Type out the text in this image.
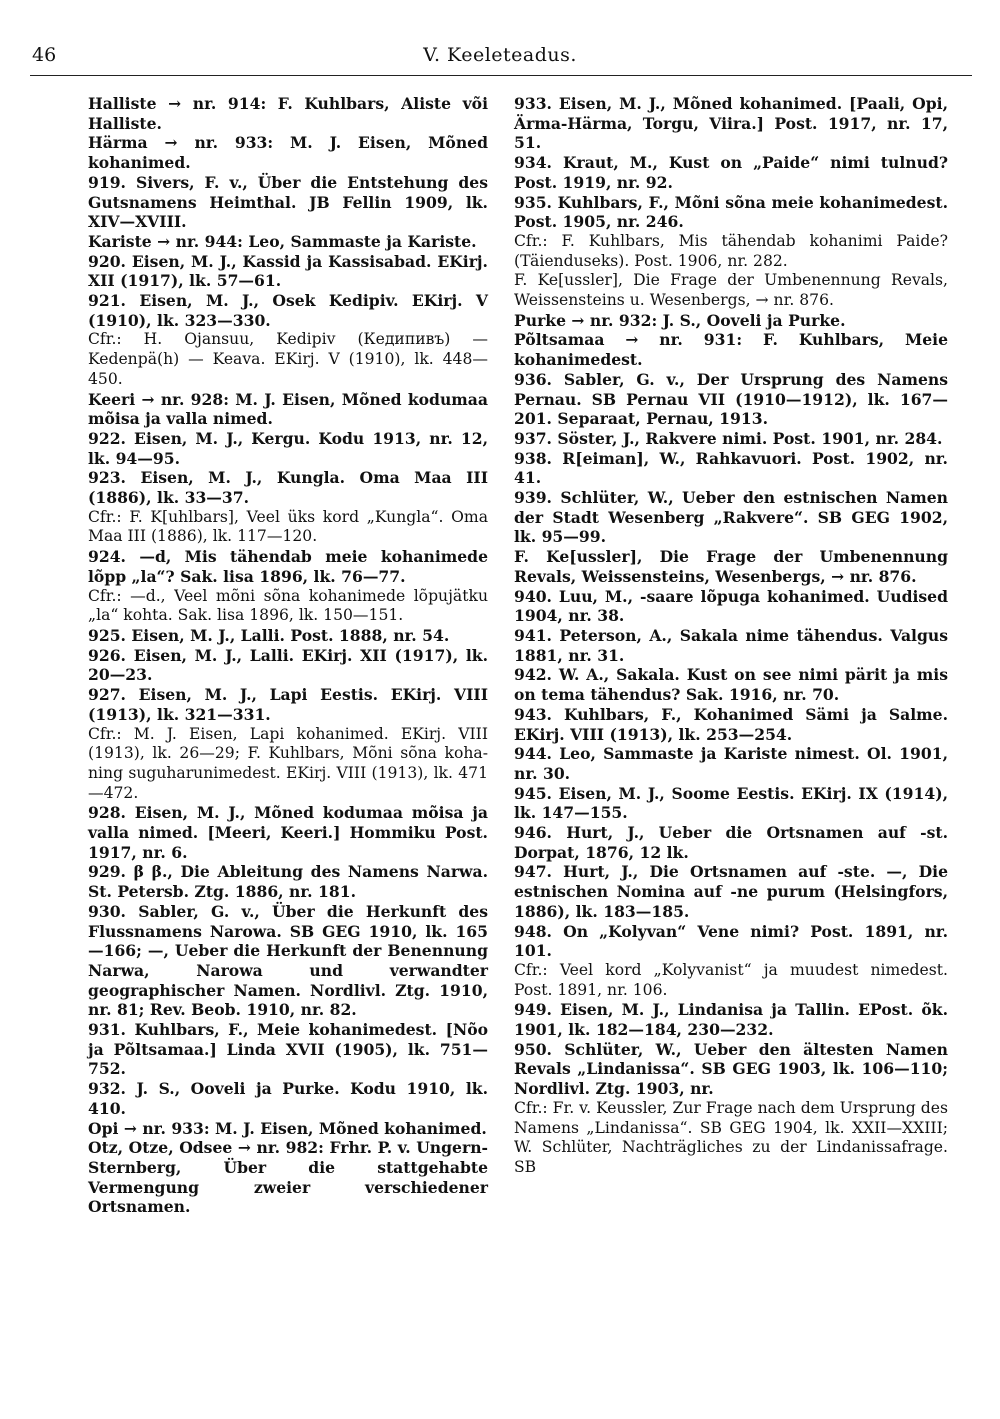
46	V. Keeleteadus.

Halliste → nr. 914: F. Kuhlbars, Aliste või Halliste.

Härma → nr. 933: M. J. Eisen, Mõned kohanimed.

919. Sivers, F. v., Über die Entstehung des Gutsnamens Heimthal. JB Fellin 1909, lk. XIV—XVIII.

Kariste → nr. 944: Leo, Sammaste ja Kariste.

920. Eisen, M. J., Kassid ja Kassisabad. EKirj. XII (1917), lk. 57—61.

921. Eisen, M. J., Osek Kedipiv. EKirj. V (1910), lk. 323—330.

Cfr.: H. Ojansuu, Kedipiv (Кедипивъ) — Kedenpä(h) — Keava. EKirj. V (1910), lk. 448—450.

Keeri → nr. 928: M. J. Eisen, Mõned kodumaa mõisa ja valla nimed.

922. Eisen, M. J., Kergu. Kodu 1913, nr. 12, lk. 94—95.

923. Eisen, M. J., Kungla. Oma Maa III (1886), lk. 33—37.

Cfr.: F. K[uhlbars], Veel üks kord „Kungla“. Oma Maa III (1886), lk. 117—120.

924. —d, Mis tähendab meie kohanimede lõpp „la“? Sak. lisa 1896, lk. 76—77.

Cfr.: —d., Veel mõni sõna kohanimede lõpujätku „la“ kohta. Sak. lisa 1896, lk. 150—151.

925. Eisen, M. J., Lalli. Post. 1888, nr. 54.

926. Eisen, M. J., Lalli. EKirj. XII (1917), lk. 20—23.

927. Eisen, M. J., Lapi Eestis. EKirj. VIII (1913), lk. 321—331.

Cfr.: M. J. Eisen, Lapi kohanimed. EKirj. VIII (1913), lk. 26—29; F. Kuhlbars, Mõni sõna koha- ning suguharunimedest. EKirj. VIII (1913), lk. 471—472.

928. Eisen, M. J., Mõned kodumaa mõisa ja valla nimed. [Meeri, Keeri.] Hommiku Post. 1917, nr. 6.

929. β β., Die Ableitung des Namens Narwa. St. Petersb. Ztg. 1886, nr. 181.

930. Sabler, G. v., Über die Herkunft des Flussnamens Narowa. SB GEG 1910, lk. 165—166; —, Ueber die Herkunft der Benennung Narwa, Narowa und verwandter geographischer Namen. Nordlivl. Ztg. 1910, nr. 81; Rev. Beob. 1910, nr. 82.

931. Kuhlbars, F., Meie kohanimedest. [Nõo ja Põltsamaa.] Linda XVII (1905), lk. 751—752.

932. J. S., Ooveli ja Purke. Kodu 1910, lk. 410.

Opi → nr. 933: M. J. Eisen, Mõned kohanimed.

Otz, Otze, Odsee → nr. 982: Frhr. P. v. Ungern-Sternberg, Über die stattgehabte Vermengung zweier verschiedener Ortsnamen.

933. Eisen, M. J., Mõned kohanimed. [Paali, Opi, Ärma-Härma, Torgu, Viira.] Post. 1917, nr. 17, 51.

934. Kraut, M., Kust on „Paide“ nimi tulnud? Post. 1919, nr. 92.

935. Kuhlbars, F., Mõni sõna meie kohanimedest. Post. 1905, nr. 246.

Cfr.: F. Kuhlbars, Mis tähendab kohanimi Paide? (Täienduseks). Post. 1906, nr. 282.

F. Ke[ussler], Die Frage der Umbenennung Revals, Weissensteins u. Wesenbergs, → nr. 876.

Purke → nr. 932: J. S., Ooveli ja Purke.

Põltsamaa → nr. 931: F. Kuhlbars, Meie kohanimedest.

936. Sabler, G. v., Der Ursprung des Namens Pernau. SB Pernau VII (1910—1912), lk. 167—201. Separaat, Pernau, 1913.

937. Söster, J., Rakvere nimi. Post. 1901, nr. 284.

938. R[eiman], W., Rahkavuori. Post. 1902, nr. 41.

939. Schlüter, W., Ueber den estnischen Namen der Stadt Wesenberg „Rakvere“. SB GEG 1902, lk. 95—99.

F. Ke[ussler], Die Frage der Umbenennung Revals, Weissensteins, Wesenbergs, → nr. 876.

940. Luu, M., -saare lõpuga kohanimed. Uudised 1904, nr. 38.

941. Peterson, A., Sakala nime tähendus. Valgus 1881, nr. 31.

942. W. A., Sakala. Kust on see nimi pärit ja mis on tema tähendus? Sak. 1916, nr. 70.

943. Kuhlbars, F., Kohanimed Sämi ja Salme. EKirj. VIII (1913), lk. 253—254.

944. Leo, Sammaste ja Kariste nimest. Ol. 1901, nr. 30.

945. Eisen, M. J., Soome Eestis. EKirj. IX (1914), lk. 147—155.

946. Hurt, J., Ueber die Ortsnamen auf -st. Dorpat, 1876, 12 lk.

947. Hurt, J., Die Ortsnamen auf -ste. —, Die estnischen Nomina auf -ne purum (Helsingfors, 1886), lk. 183—185.

948. On „Kolyvan“ Vene nimi? Post. 1891, nr. 101.

Cfr.: Veel kord „Kolyvanist“ ja muudest nimedest. Post. 1891, nr. 106.

949. Eisen, M. J., Lindanisa ja Tallin. EPost. õk. 1901, lk. 182—184, 230—232.

950. Schlüter, W., Ueber den ältesten Namen Revals „Lindanissa“. SB GEG 1903, lk. 106—110; Nordlivl. Ztg. 1903, nr.

Cfr.: Fr. v. Keussler, Zur Frage nach dem Ursprung des Namens „Lindanissa“. SB GEG 1904, lk. XXII—XXIII; W. Schlüter, Nachträgliches zu der Lindanissafrage. SB
